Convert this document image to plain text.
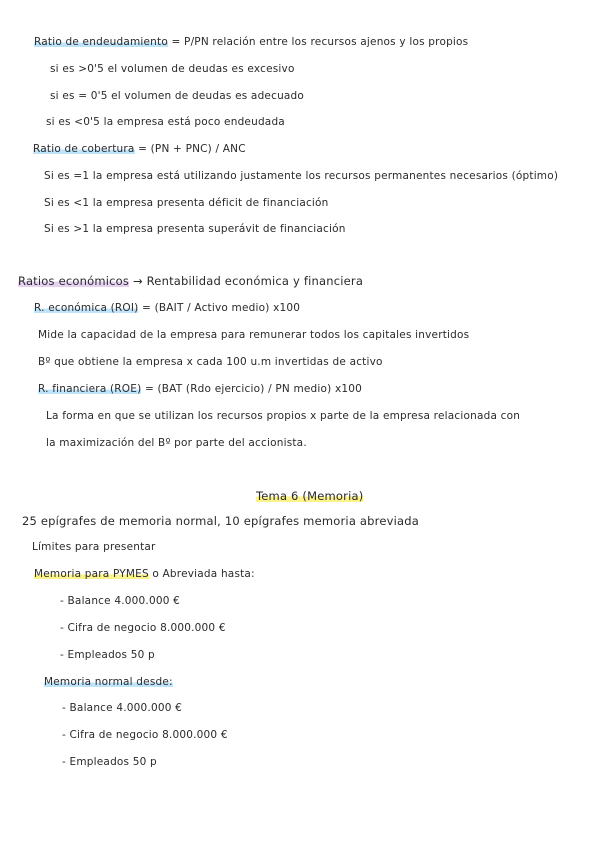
Ratio de endeudamiento = P/PN relación entre los recursos ajenos y los propios
si es >0'5 el volumen de deudas es excesivo
si es = 0'5 el volumen de deudas es adecuado
si es <0'5 la empresa está poco endeudada
Ratio de cobertura = (PN + PNC) / ANC
Si es =1 la empresa está utilizando justamente los recursos permanentes necesarios (óptimo)
Si es <1 la empresa presenta déficit de financiación
Si es >1 la empresa presenta superávit de financiación
Ratios económicos → Rentabilidad económica y financiera
R. económica (ROI) = (BAIT / Activo medio) x100
Mide la capacidad de la empresa para remunerar todos los capitales invertidos
Bº que obtiene la empresa x cada 100 u.m invertidas de activo
R. financiera (ROE) = (BAT (Rdo ejercicio) / PN medio) x100
La forma en que se utilizan los recursos propios x parte de la empresa relacionada con
la maximización del Bº por parte del accionista.
Tema 6 (Memoria)
25 epígrafes de memoria normal, 10 epígrafes memoria abreviada
Límites para presentar
Memoria para PYMES o Abreviada hasta:
- Balance 4.000.000 €
- Cifra de negocio 8.000.000 €
- Empleados 50 p
Memoria normal desde:
- Balance 4.000.000 €
- Cifra de negocio 8.000.000 €
- Empleados 50 p
